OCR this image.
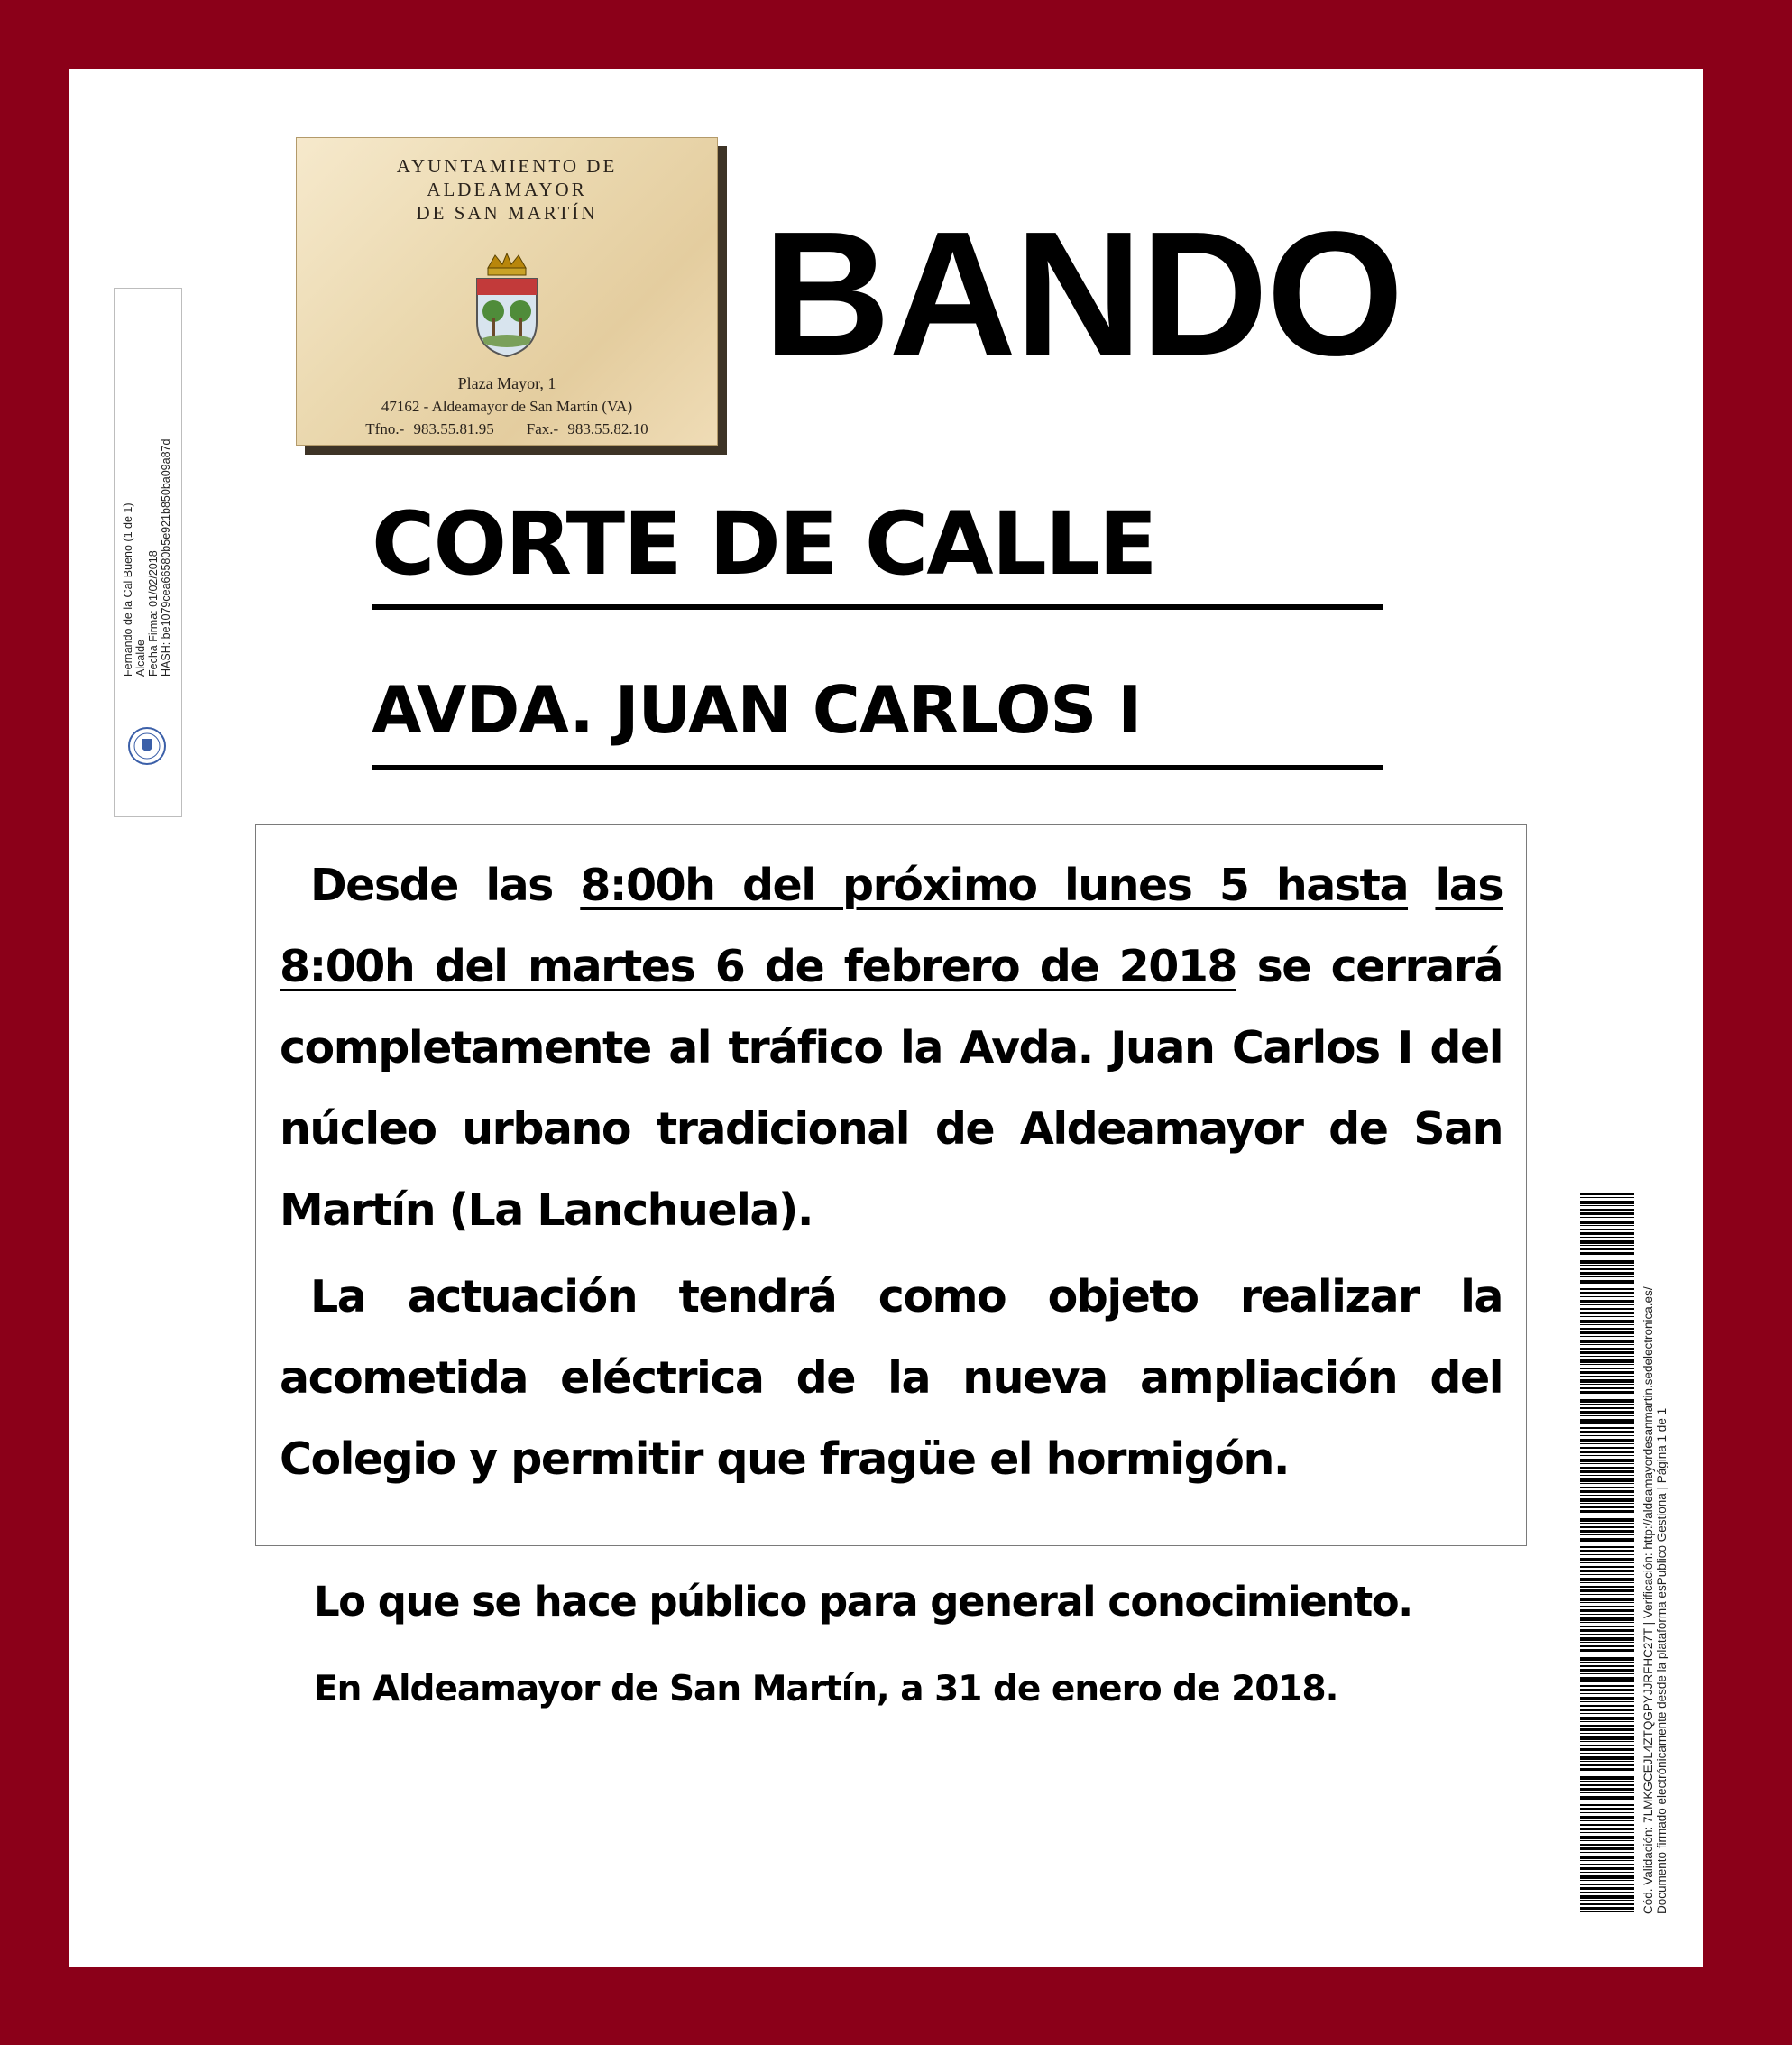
Fernando de la Cal Bueno (1 de 1) Alcalde Fecha Firma: 01/02/2018 HASH: be1079cea66580b5e921b850ba09a87d
AYUNTAMIENTO DE
ALDEAMAYOR
DE SAN MARTÍN
Plaza Mayor, 1
47162 - Aldeamayor de San Martín (VA)
Tfno.- 983.55.81.95 Fax.- 983.55.82.10
BANDO
CORTE DE CALLE
AVDA. JUAN CARLOS I

Desde las 8:00h del próximo lunes 5 hasta las 8:00h del martes 6 de febrero de 2018 se cerrará completamente al tráfico la Avda. Juan Carlos I del núcleo urbano tradicional de Aldeamayor de San Martín (La Lanchuela).

La actuación tendrá como objeto realizar la acometida eléctrica de la nueva ampliación del Colegio y permitir que fragüe el hormigón.

Lo que se hace público para general conocimiento.
En Aldeamayor de San Martín, a 31 de enero de 2018.	Cód. Validación: 7LMKGCEJL4ZTQGPYJJRFHC27T | Verificación: http://aldeamayordesanmartin.sedelectronica.es/ Documento firmado electrónicamente desde la plataforma esPublico Gestiona | Página 1 de 1
